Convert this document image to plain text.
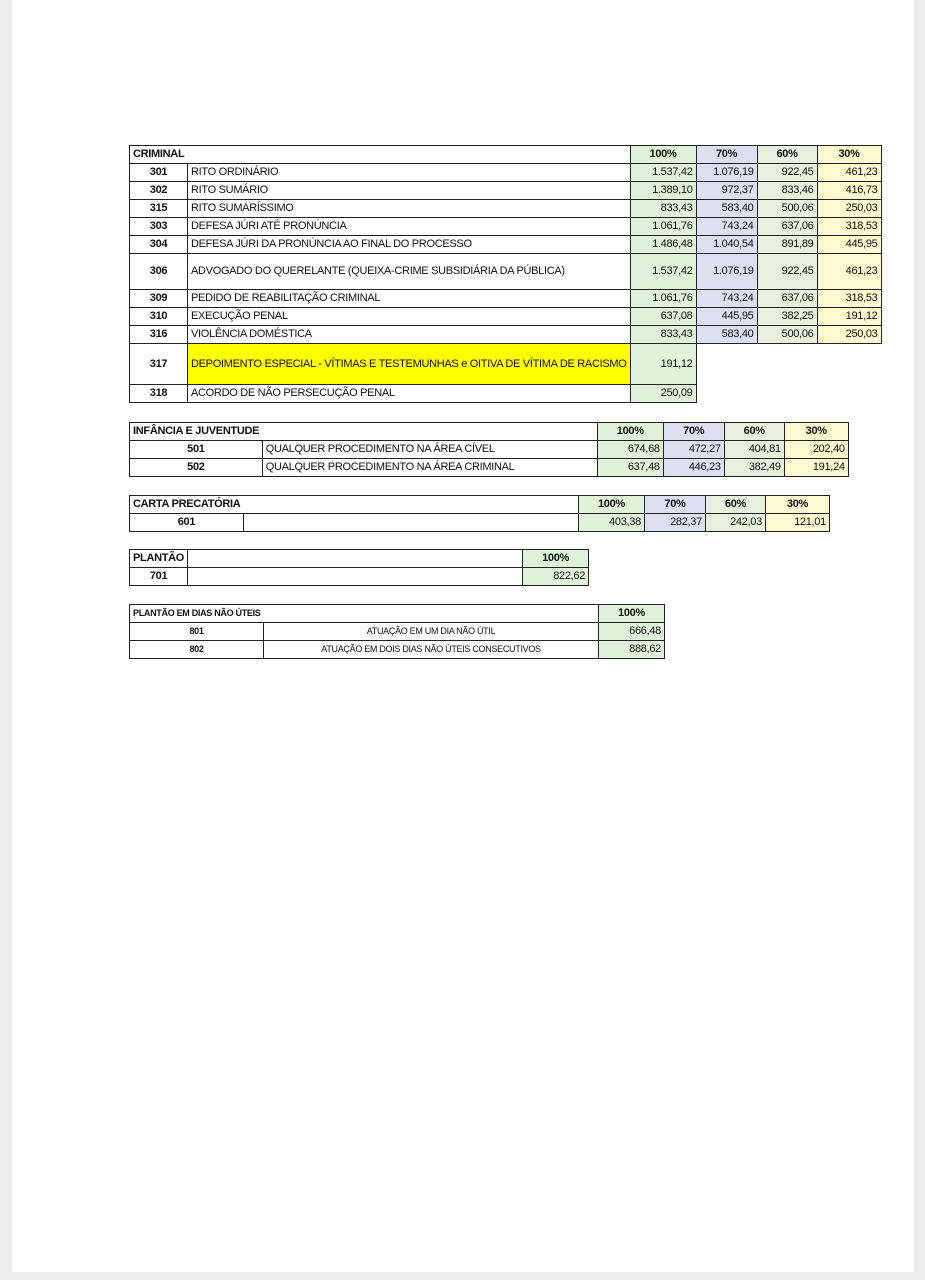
CRIMINAL		100%	70%	60%	30%
301	RITO ORDINÁRIO	1.537,42	1.076,19	922,45	461,23
302	RITO SUMÁRIO	1.389,10	972,37	833,46	416,73
315	RITO SUMARÍSSIMO	833,43	583,40	500,06	250,03
303	DEFESA JÚRI ATÉ PRONÚNCIA	1.061,76	743,24	637,06	318,53
304	DEFESA JÚRI DA PRONÚNCIA AO FINAL DO PROCESSO	1.486,48	1.040,54	891,89	445,95
306	ADVOGADO DO QUERELANTE (QUEIXA-CRIME SUBSIDIÁRIA DA PÚBLICA)	1.537,42	1.076,19	922,45	461,23
309	PEDIDO DE REABILITAÇÃO CRIMINAL	1.061,76	743,24	637,06	318,53
310	EXECUÇÃO PENAL	637,08	445,95	382,25	191,12
316	VIOLÊNCIA DOMÉSTICA	833,43	583,40	500,06	250,03
317	DEPOIMENTO ESPECIAL - VÍTIMAS E TESTEMUNHAS e OITIVA DE VÍTIMA DE RACISMO	191,12			
318	ACORDO DE NÃO PERSECUÇÃO PENAL	250,09			
INFÂNCIA E JUVENTUDE		100%	70%	60%	30%
501	QUALQUER PROCEDIMENTO NA ÁREA CÍVEL	674,68	472,27	404,81	202,40
502	QUALQUER PROCEDIMENTO NA ÁREA CRIMINAL	637,48	446,23	382,49	191,24
CARTA PRECATÓRIA		100%	70%	60%	30%
601		403,38	282,37	242,03	121,01
PLANTÃO		100%
701		822,62
PLANTÃO EM DIAS NÃO ÚTEIS		100%
801	ATUAÇÃO EM UM DIA NÃO ÚTIL	666,48
802	ATUAÇÃO EM DOIS DIAS NÃO ÚTEIS CONSECUTIVOS	888,62
